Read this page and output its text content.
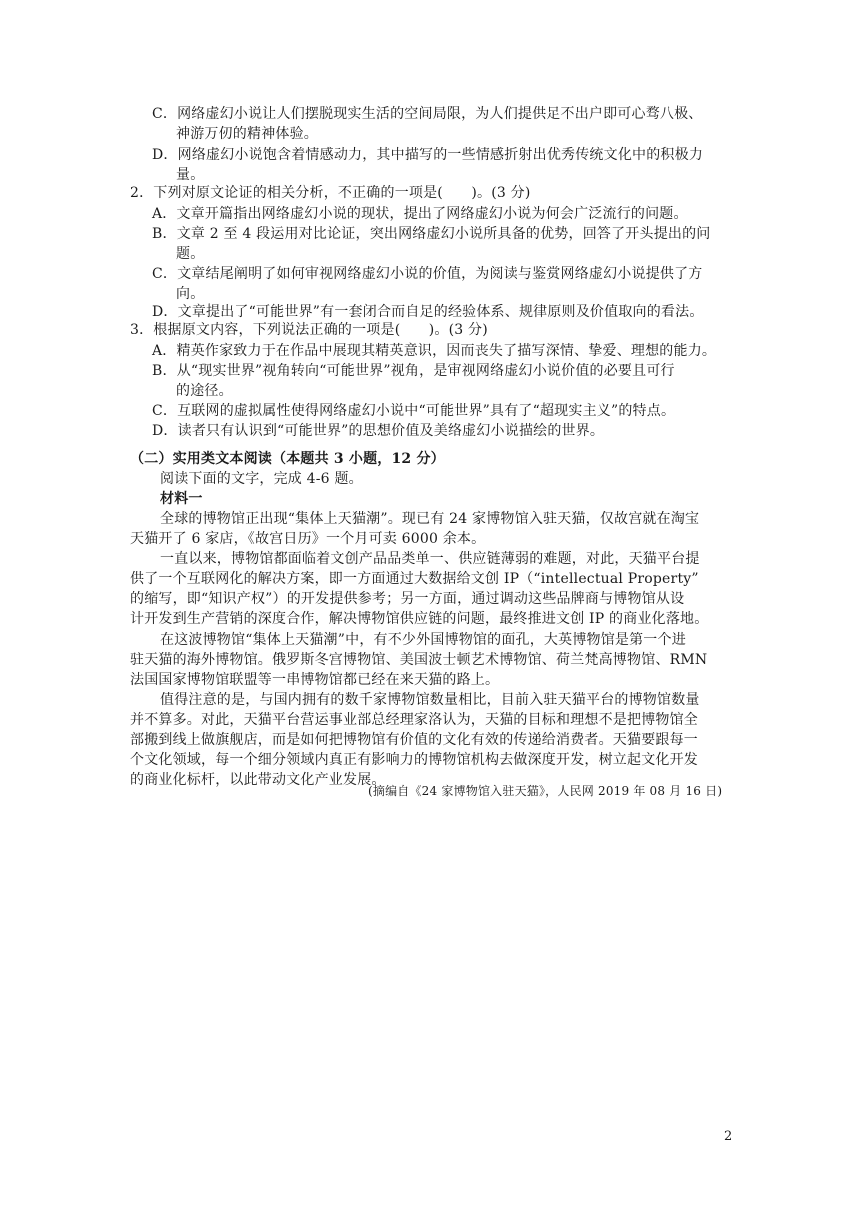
C．网络虚幻小说让人们摆脱现实生活的空间局限，为人们提供足不出户即可心骛八极、
神游万仞的精神体验。
D．网络虚幻小说饱含着情感动力，其中描写的一些情感折射出优秀传统文化中的积极力
量。
2．下列对原文论证的相关分析，不正确的一项是(　　)。(3 分)
A．文章开篇指出网络虚幻小说的现状，提出了网络虚幻小说为何会广泛流行的问题。
B．文章 2 至 4 段运用对比论证，突出网络虚幻小说所具备的优势，回答了开头提出的问
题。
C．文章结尾阐明了如何审视网络虚幻小说的价值，为阅读与鉴赏网络虚幻小说提供了方
向。
D．文章提出了“可能世界”有一套闭合而自足的经验体系、规律原则及价值取向的看法。
3．根据原文内容，下列说法正确的一项是(　　)。(3 分)
A．精英作家致力于在作品中展现其精英意识，因而丧失了描写深情、挚爱、理想的能力。
B．从“现实世界”视角转向“可能世界”视角，是审视网络虚幻小说价值的必要且可行
的途径。
C．互联网的虚拟属性使得网络虚幻小说中“可能世界”具有了“超现实主义”的特点。
D．读者只有认识到“可能世界”的思想价值及美络虚幻小说描绘的世界。
（二）实用类文本阅读（本题共 3 小题，12 分）
阅读下面的文字，完成 4-6 题。
材料一
全球的博物馆正出现“集体上天猫潮”。现已有 24 家博物馆入驻天猫，仅故宫就在淘宝
天猫开了 6 家店，《故宫日历》一个月可卖 6000 余本。
一直以来，博物馆都面临着文创产品品类单一、供应链薄弱的难题，对此，天猫平台提
供了一个互联网化的解决方案，即一方面通过大数据给文创 IP（“intellectual Property”
的缩写，即“知识产权”）的开发提供参考；另一方面，通过调动这些品牌商与博物馆从设
计开发到生产营销的深度合作，解决博物馆供应链的问题，最终推进文创 IP 的商业化落地。
在这波博物馆“集体上天猫潮”中，有不少外国博物馆的面孔，大英博物馆是第一个进
驻天猫的海外博物馆。俄罗斯冬宫博物馆、美国波士顿艺术博物馆、荷兰梵高博物馆、RMN
法国国家博物馆联盟等一串博物馆都已经在来天猫的路上。
值得注意的是，与国内拥有的数千家博物馆数量相比，目前入驻天猫平台的博物馆数量
并不算多。对此，天猫平台营运事业部总经理家洛认为，天猫的目标和理想不是把博物馆全
部搬到线上做旗舰店，而是如何把博物馆有价值的文化有效的传递给消费者。天猫要跟每一
个文化领域，每一个细分领域内真正有影响力的博物馆机构去做深度开发，树立起文化开发
的商业化标杆，以此带动文化产业发展。
(摘编自《24 家博物馆入驻天猫》，人民网 2019 年 08 月 16 日)
2
